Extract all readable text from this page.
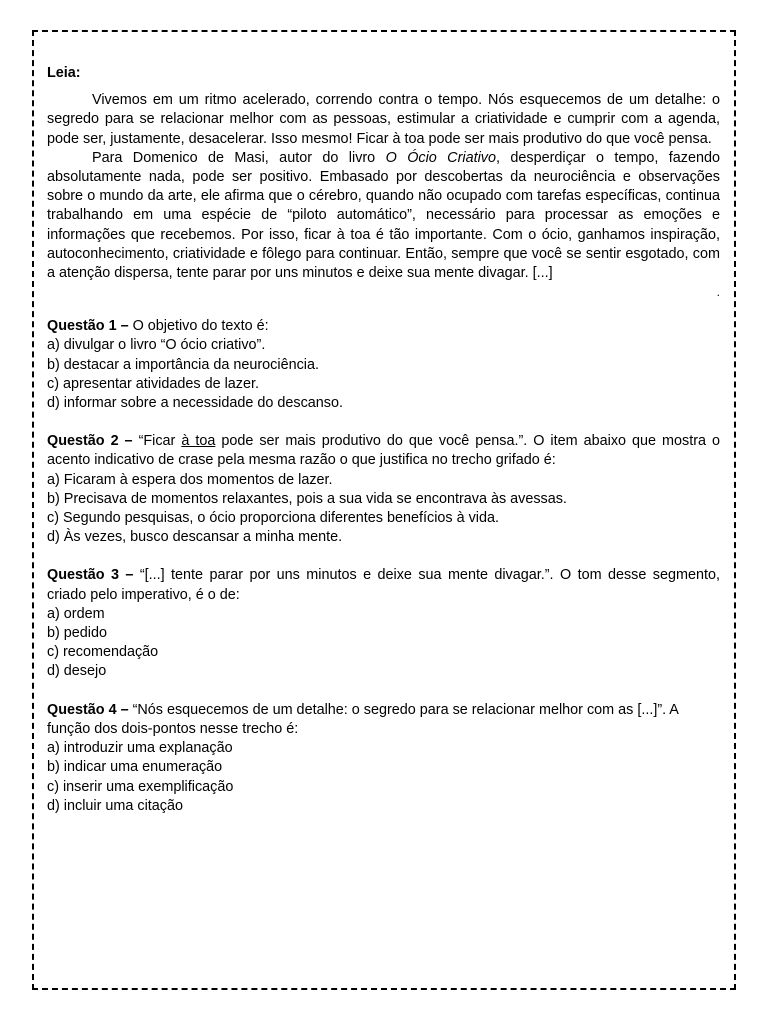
Leia:

Vivemos em um ritmo acelerado, correndo contra o tempo. Nós esquecemos de um detalhe: o segredo para se relacionar melhor com as pessoas, estimular a criatividade e cumprir com a agenda, pode ser, justamente, desacelerar. Isso mesmo! Ficar à toa pode ser mais produtivo do que você pensa.

Para Domenico de Masi, autor do livro O Ócio Criativo, desperdiçar o tempo, fazendo absolutamente nada, pode ser positivo. Embasado por descobertas da neurociência e observações sobre o mundo da arte, ele afirma que o cérebro, quando não ocupado com tarefas específicas, continua trabalhando em uma espécie de “piloto automático”, necessário para processar as emoções e informações que recebemos. Por isso, ficar à toa é tão importante. Com o ócio, ganhamos inspiração, autoconhecimento, criatividade e fôlego para continuar. Então, sempre que você se sentir esgotado, com a atenção dispersa, tente parar por uns minutos e deixe sua mente divagar. [...]

.

Questão 1 – O objetivo do texto é:

a) divulgar o livro “O ócio criativo”.

b) destacar a importância da neurociência.

c) apresentar atividades de lazer.

d) informar sobre a necessidade do descanso.

Questão 2 – “Ficar à toa pode ser mais produtivo do que você pensa.”. O item abaixo que mostra o acento indicativo de crase pela mesma razão o que justifica no trecho grifado é:

a) Ficaram à espera dos momentos de lazer.

b) Precisava de momentos relaxantes, pois a sua vida se encontrava às avessas.

c) Segundo pesquisas, o ócio proporciona diferentes benefícios à vida.

d) Às vezes, busco descansar a minha mente.

Questão 3 – “[...] tente parar por uns minutos e deixe sua mente divagar.”. O tom desse segmento, criado pelo imperativo, é o de:

a) ordem

b) pedido

c) recomendação

d) desejo

Questão 4 – “Nós esquecemos de um detalhe: o segredo para se relacionar melhor com as [...]”. A função dos dois-pontos nesse trecho é:

a) introduzir uma explanação

b) indicar uma enumeração

c) inserir uma exemplificação

d) incluir uma citação
